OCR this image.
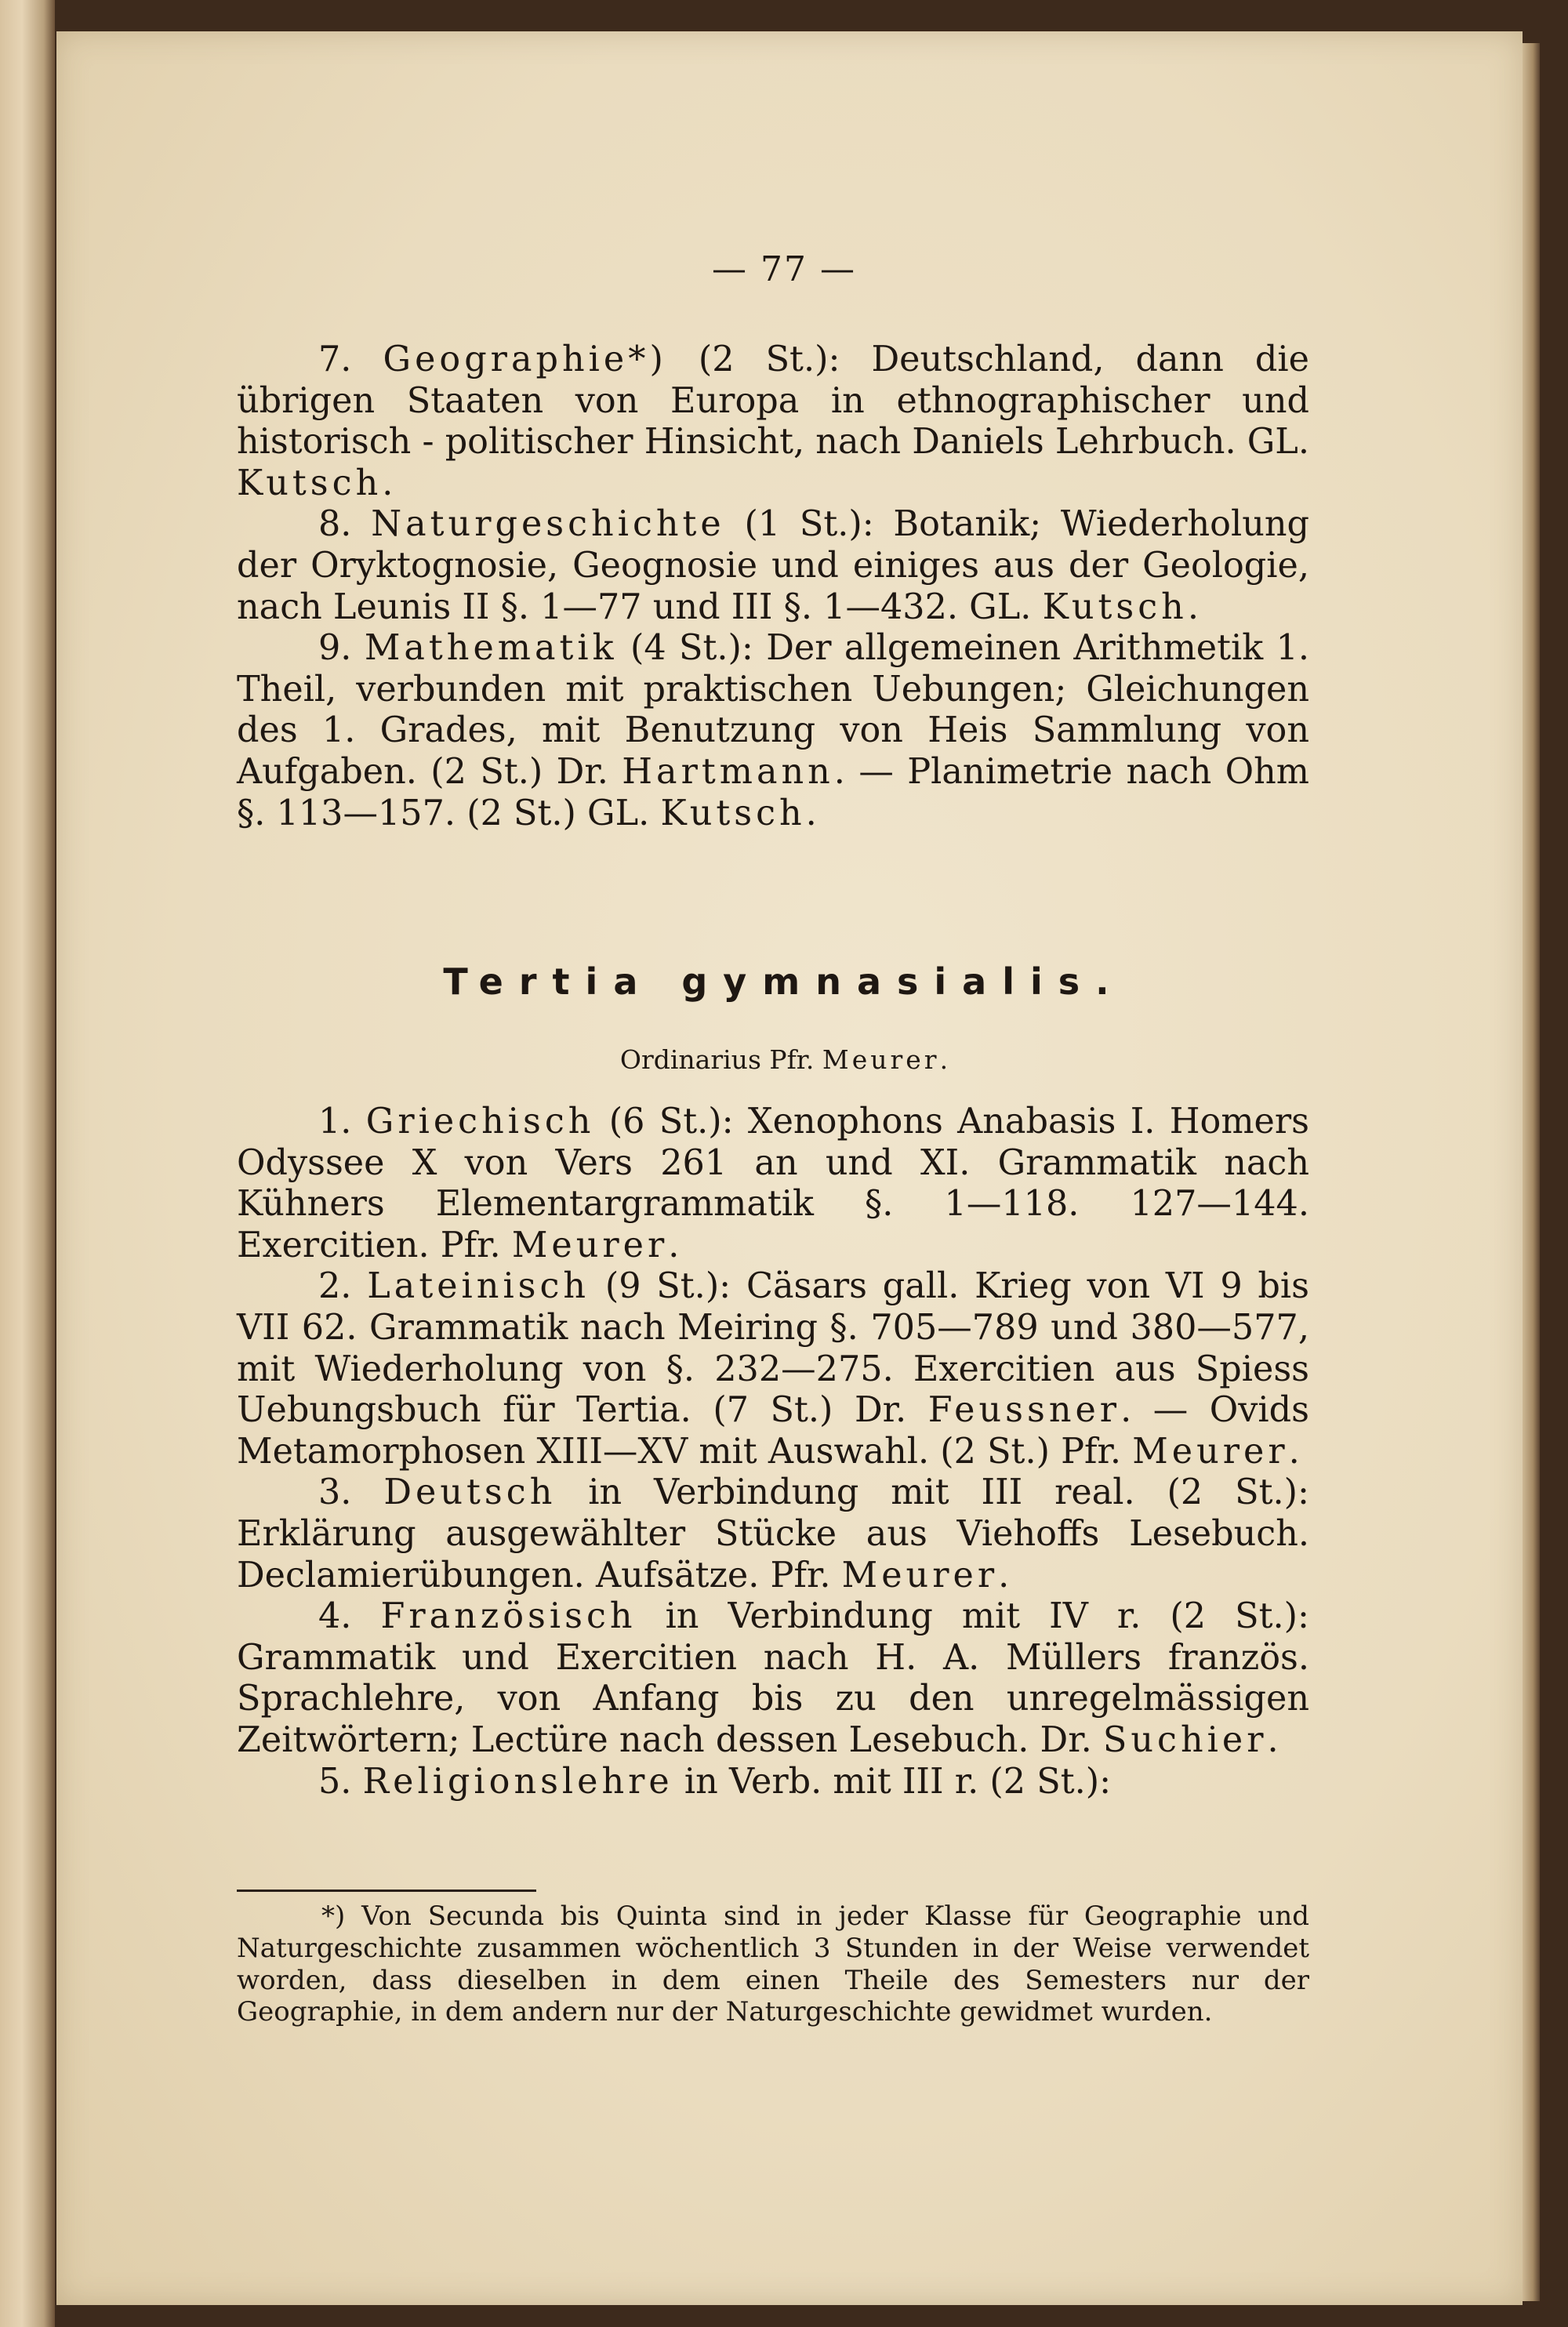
— 77 —

7. Geographie*) (2 St.): Deutschland, dann die übrigen Staaten von Europa in ethnographischer und historisch - politischer Hinsicht, nach Daniels Lehrbuch. GL. Kutsch.

8. Naturgeschichte (1 St.): Botanik; Wiederholung der Oryktognosie, Geognosie und einiges aus der Geologie, nach Leunis II §. 1—77 und III §. 1—432. GL. Kutsch.

9. Mathematik (4 St.): Der allgemeinen Arithmetik 1. Theil, verbunden mit praktischen Uebungen; Gleichungen des 1. Grades, mit Benutzung von Heis Sammlung von Aufgaben. (2 St.) Dr. Hartmann. — Planimetrie nach Ohm §. 113—157. (2 St.) GL. Kutsch.

Tertia gymnasialis.
Ordinarius Pfr. Meurer.

1. Griechisch (6 St.): Xenophons Anabasis I. Homers Odyssee X von Vers 261 an und XI. Grammatik nach Kühners Elementargrammatik §. 1—118. 127—144. Exercitien. Pfr. Meurer.

2. Lateinisch (9 St.): Cäsars gall. Krieg von VI 9 bis VII 62. Grammatik nach Meiring §. 705—789 und 380—577, mit Wiederholung von §. 232—275. Exercitien aus Spiess Uebungsbuch für Tertia. (7 St.) Dr. Feussner. — Ovids Metamorphosen XIII—XV mit Auswahl. (2 St.) Pfr. Meurer.

3. Deutsch in Verbindung mit III real. (2 St.): Erklärung ausgewählter Stücke aus Viehoffs Lesebuch. Declamierübungen. Aufsätze. Pfr. Meurer.

4. Französisch in Verbindung mit IV r. (2 St.): Grammatik und Exercitien nach H. A. Müllers französ. Sprachlehre, von Anfang bis zu den unregelmässigen Zeitwörtern; Lectüre nach dessen Lesebuch. Dr. Suchier.

5. Religionslehre in Verb. mit III r. (2 St.):

*) Von Secunda bis Quinta sind in jeder Klasse für Geographie und Naturgeschichte zusammen wöchentlich 3 Stunden in der Weise verwendet worden, dass dieselben in dem einen Theile des Semesters nur der Geographie, in dem andern nur der Naturgeschichte gewidmet wurden.
